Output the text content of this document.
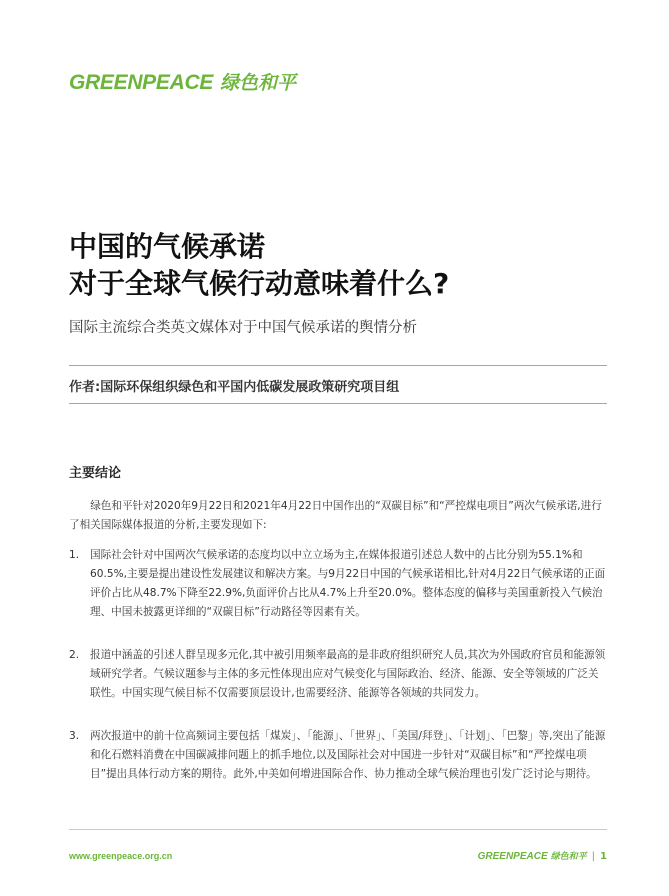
GREENPEACE 绿色和平
中国的气候承诺
对于全球气候行动意味着什么?

国际主流综合类英文媒体对于中国气候承诺的舆情分析

作者:国际环保组织绿色和平国内低碳发展政策研究项目组
主要结论

绿色和平针对2020年9月22日和2021年4月22日中国作出的“双碳目标”和“严控煤电项目”两次气候承诺,进行了相关国际媒体报道的分析,主要发现如下:

1.	国际社会针对中国两次气候承诺的态度均以中立立场为主,在媒体报道引述总人数中的占比分别为55.1%和60.5%,主要是提出建设性发展建议和解决方案。与9月22日中国的气候承诺相比,针对4月22日气候承诺的正面评价占比从48.7%下降至22.9%,负面评价占比从4.7%上升至20.0%。整体态度的偏移与美国重新投入气候治理、中国未披露更详细的“双碳目标”行动路径等因素有关。
2.	报道中涵盖的引述人群呈现多元化,其中被引用频率最高的是非政府组织研究人员,其次为外国政府官员和能源领域研究学者。气候议题参与主体的多元性体现出应对气候变化与国际政治、经济、能源、安全等领域的广泛关联性。中国实现气候目标不仅需要顶层设计,也需要经济、能源等各领域的共同发力。
3.	两次报道中的前十位高频词主要包括「煤炭」、「能源」、「世界」、「美国/拜登」、「计划」、「巴黎」等,突出了能源和化石燃料消费在中国碳减排问题上的抓手地位,以及国际社会对中国进一步针对“双碳目标”和“严控煤电项目”提出具体行动方案的期待。此外,中美如何增进国际合作、协力推动全球气候治理也引发广泛讨论与期待。
www.greenpeace.org.cn	GREENPEACE 绿色和平 | 1
